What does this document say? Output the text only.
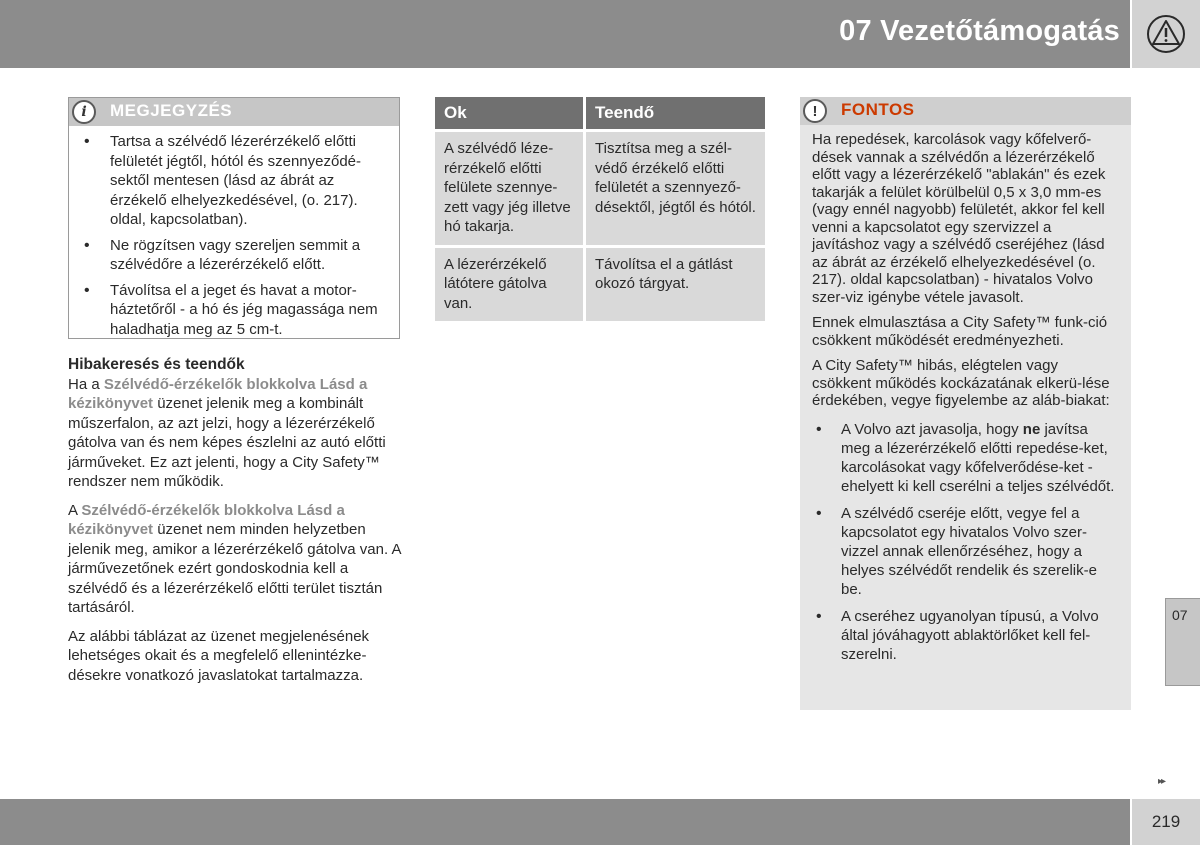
07 Vezetőtámogatás
i	MEGJEGYZÉS
• Tartsa a szélvédő lézerérzékelő előtti felületét jégtől, hótól és szennyeződé-sektől mentesen (lásd az ábrát az érzékelő elhelyezkedésével, (o. 217). oldal, kapcsolatban).
• Ne rögzítsen vagy szereljen semmit a szélvédőre a lézerérzékelő előtt.
• Távolítsa el a jeget és havat a motor-háztetőről - a hó és jég magassága nem haladhatja meg az 5 cm-t.
Hibakeresés és teendők

Ha a Szélvédő-érzékelők blokkolva Lásd a kézikönyvet üzenet jelenik meg a kombinált műszerfalon, az azt jelzi, hogy a lézerérzékelő gátolva van és nem képes észlelni az autó előtti járműveket. Ez azt jelenti, hogy a City Safety™ rendszer nem működik.

A Szélvédő-érzékelők blokkolva Lásd a kézikönyvet üzenet nem minden helyzetben jelenik meg, amikor a lézerérzékelő gátolva van. A járművezetőnek ezért gondoskodnia kell a szélvédő és a lézerérzékelő előtti terület tisztán tartásáról.

Az alábbi táblázat az üzenet megjelenésének lehetséges okait és a megfelelő ellenintézke-désekre vonatkozó javaslatokat tartalmazza.

Ok	Teendő
A szélvédő léze-rérzékelő előtti felülete szennye-zett vagy jég illetve hó takarja.	Tisztítsa meg a szél-védő érzékelő előtti felületét a szennyező-désektől, jégtől és hótól.
A lézerérzékelő látótere gátolva van.	Távolítsa el a gátlást okozó tárgyat.
!	FONTOS

Ha repedések, karcolások vagy kőfelverő-dések vannak a szélvédőn a lézerérzékelő előtt vagy a lézerérzékelő "ablakán" és ezek takarják a felület körülbelül 0,5 x 3,0 mm-es (vagy ennél nagyobb) felületét, akkor fel kell venni a kapcsolatot egy szervizzel a javításhoz vagy a szélvédő cseréjéhez (lásd az ábrát az érzékelő elhelyezkedésével (o. 217). oldal kapcsolatban) - hivatalos Volvo szer-viz igénybe vétele javasolt.

Ennek elmulasztása a City Safety™ funk-ció csökkent működését eredményezheti.

A City Safety™ hibás, elégtelen vagy csökkent működés kockázatának elkerü-lése érdekében, vegye figyelembe az aláb-biakat:

• A Volvo azt javasolja, hogy ne javítsa meg a lézerérzékelő előtti repedése-ket, karcolásokat vagy kőfelverődése-ket - ehelyett ki kell cserélni a teljes szélvédőt.
• A szélvédő cseréje előtt, vegye fel a kapcsolatot egy hivatalos Volvo szer-vizzel annak ellenőrzéséhez, hogy a helyes szélvédőt rendelik és szerelik-e be.
• A cseréhez ugyanolyan típusú, a Volvo által jóváhagyott ablaktörlőket kell fel-szerelni.
07
▸▸
219
